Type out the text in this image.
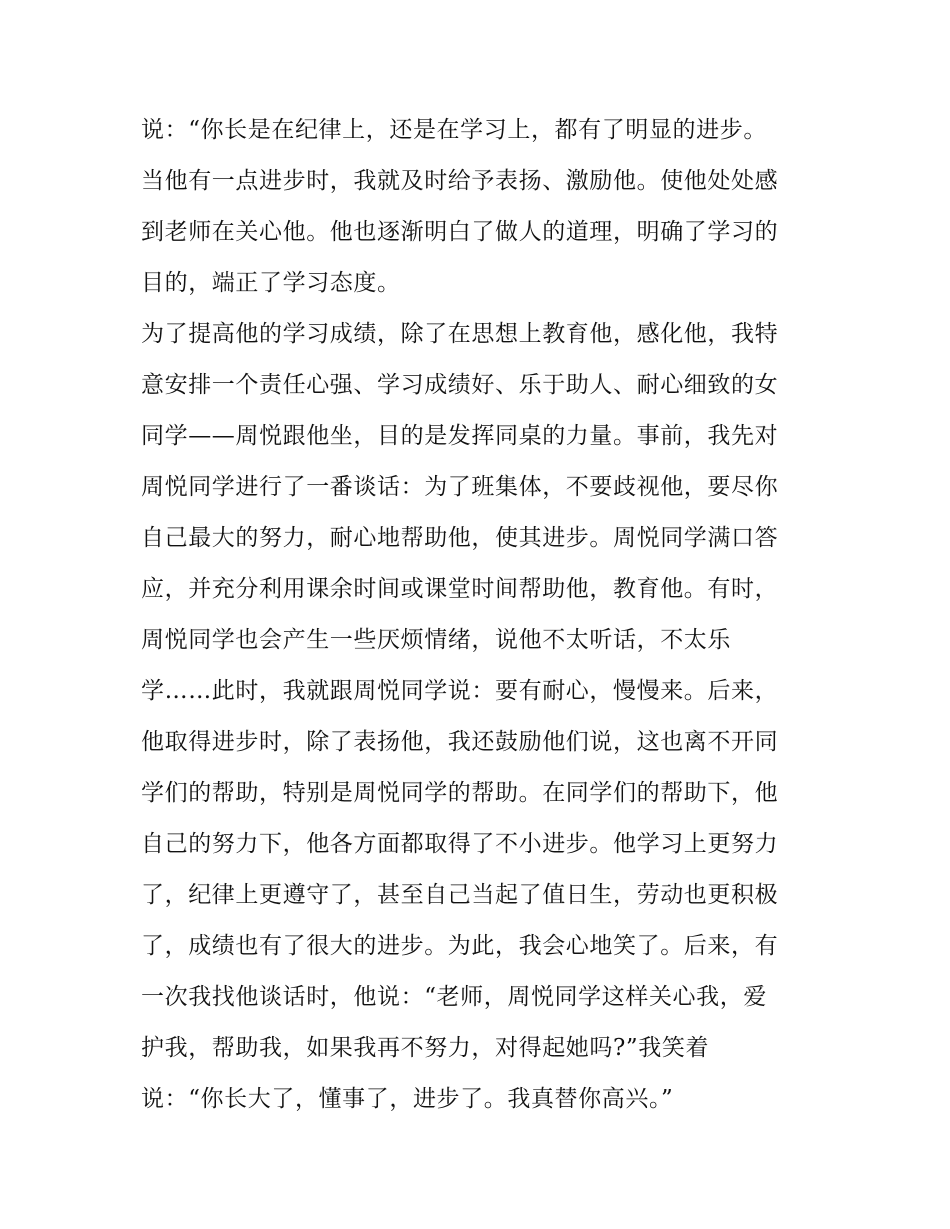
说：“你长是在纪律上，还是在学习上，都有了明显的进步。
当他有一点进步时，我就及时给予表扬、激励他。使他处处感
到老师在关心他。他也逐渐明白了做人的道理，明确了学习的
目的，端正了学习态度。
为了提高他的学习成绩，除了在思想上教育他，感化他，我特
意安排一个责任心强、学习成绩好、乐于助人、耐心细致的女
同学——周悦跟他坐，目的是发挥同桌的力量。事前，我先对
周悦同学进行了一番谈话：为了班集体，不要歧视他，要尽你
自己最大的努力，耐心地帮助他，使其进步。周悦同学满口答
应，并充分利用课余时间或课堂时间帮助他，教育他。有时，
周悦同学也会产生一些厌烦情绪，说他不太听话，不太乐
学……此时，我就跟周悦同学说：要有耐心，慢慢来。后来，
他取得进步时，除了表扬他，我还鼓励他们说，这也离不开同
学们的帮助，特别是周悦同学的帮助。在同学们的帮助下，他
自己的努力下，他各方面都取得了不小进步。他学习上更努力
了，纪律上更遵守了，甚至自己当起了值日生，劳动也更积极
了，成绩也有了很大的进步。为此，我会心地笑了。后来，有
一次我找他谈话时，他说：“老师，周悦同学这样关心我，爱
护我，帮助我，如果我再不努力，对得起她吗?”我笑着
说：“你长大了，懂事了，进步了。我真替你高兴。”
